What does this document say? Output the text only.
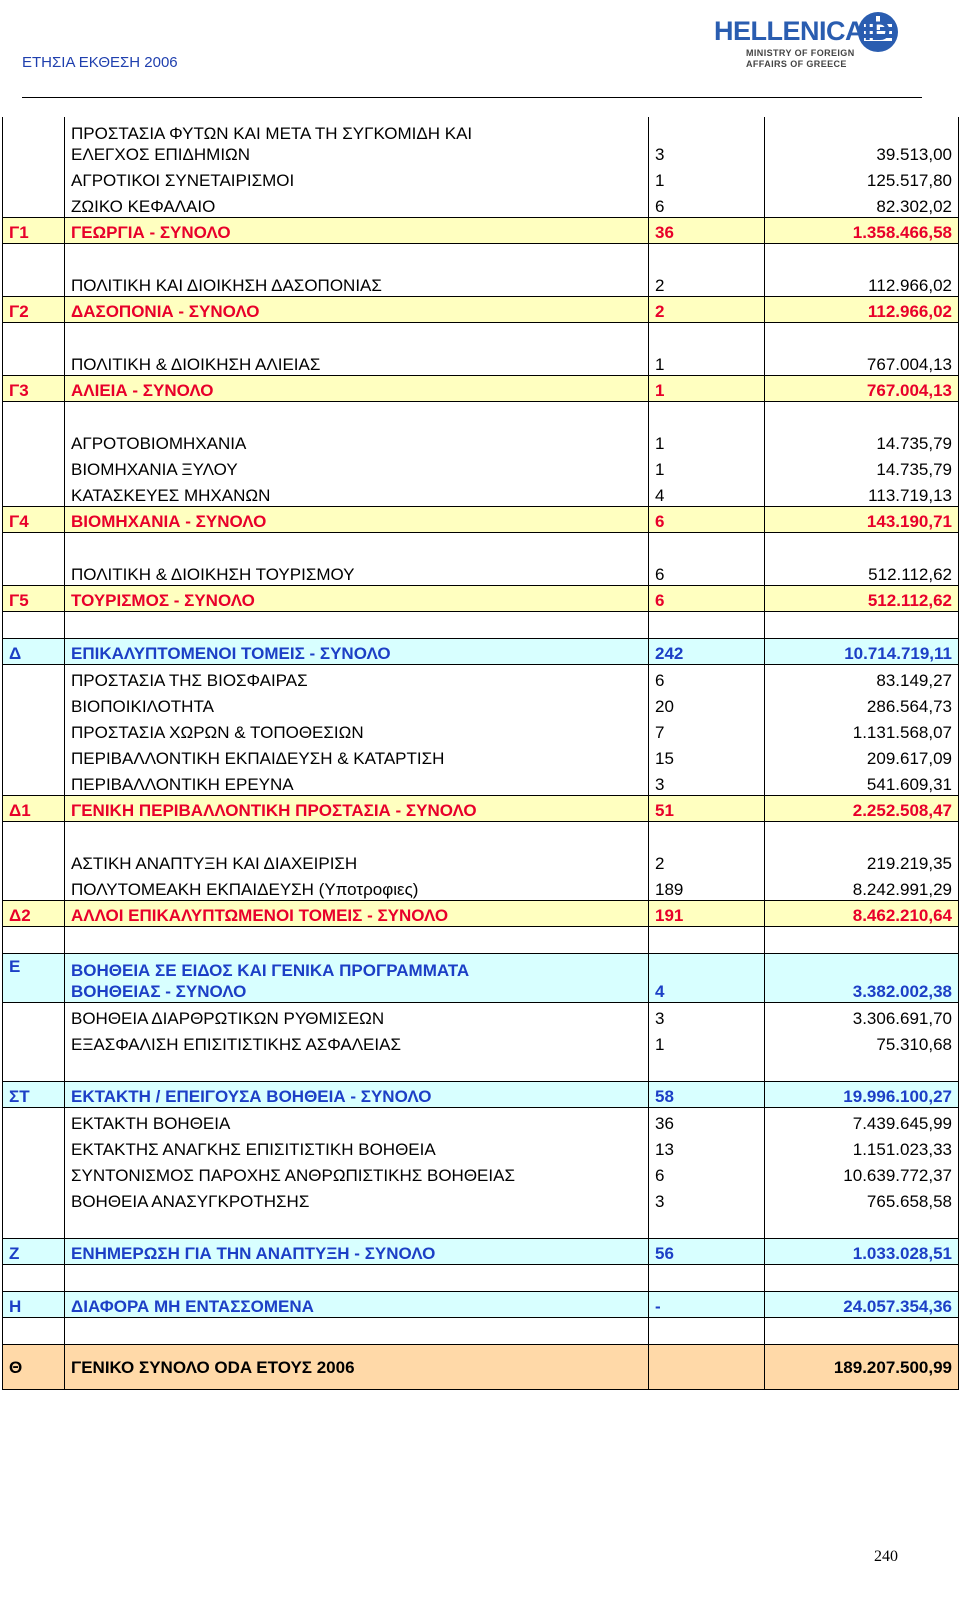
ΕΤΗΣΙΑ ΕΚΘΕΣΗ 2006
HELLENICAID
MINISTRY OF FOREIGN
AFFAIRS OF GREECE
	ΠΡΟΣΤΑΣΙΑ ΦΥΤΩΝ ΚΑΙ ΜΕΤΑ ΤΗ ΣΥΓΚΟΜΙΔΗ ΚΑΙ
ΕΛΕΓΧΟΣ ΕΠΙΔΗΜΙΩΝ	3	39.513,00
	ΑΓΡΟΤΙΚΟΙ ΣΥΝΕΤΑΙΡΙΣΜΟΙ	1	125.517,80
	ΖΩΙΚΟ ΚΕΦΑΛΑΙΟ	6	82.302,02
Γ1	ΓΕΩΡΓΙΑ - ΣΥΝΟΛΟ	36	1.358.466,58

	ΠΟΛΙΤΙΚΗ ΚΑΙ ΔΙΟΙΚΗΣΗ ΔΑΣΟΠΟΝΙΑΣ	2	112.966,02
Γ2	ΔΑΣΟΠΟΝΙΑ - ΣΥΝΟΛΟ	2	112.966,02

	ΠΟΛΙΤΙΚΗ & ΔΙΟΙΚΗΣΗ ΑΛΙΕΙΑΣ	1	767.004,13
Γ3	ΑΛΙΕΙΑ - ΣΥΝΟΛΟ	1	767.004,13

	ΑΓΡΟΤΟΒΙΟΜΗΧΑΝΙΑ	1	14.735,79
	ΒΙΟΜΗΧΑΝΙΑ ΞΥΛΟΥ	1	14.735,79
	ΚΑΤΑΣΚΕΥΕΣ ΜΗΧΑΝΩΝ	4	113.719,13
Γ4	ΒΙΟΜΗΧΑΝΙΑ - ΣΥΝΟΛΟ	6	143.190,71

	ΠΟΛΙΤΙΚΗ & ΔΙΟΙΚΗΣΗ ΤΟΥΡΙΣΜΟΥ	6	512.112,62
Γ5	ΤΟΥΡΙΣΜΟΣ - ΣΥΝΟΛΟ	6	512.112,62

Δ	ΕΠΙΚΑΛΥΠΤΟΜΕΝΟΙ ΤΟΜΕΙΣ - ΣΥΝΟΛΟ	242	10.714.719,11
	ΠΡΟΣΤΑΣΙΑ ΤΗΣ ΒΙΟΣΦΑΙΡΑΣ	6	83.149,27
	ΒΙΟΠΟΙΚΙΛΟΤΗΤΑ	20	286.564,73
	ΠΡΟΣΤΑΣΙΑ ΧΩΡΩΝ & ΤΟΠΟΘΕΣΙΩΝ	7	1.131.568,07
	ΠΕΡΙΒΑΛΛΟΝΤΙΚΗ ΕΚΠΑΙΔΕΥΣΗ & ΚΑΤΑΡΤΙΣΗ	15	209.617,09
	ΠΕΡΙΒΑΛΛΟΝΤΙΚΗ ΕΡΕΥΝΑ	3	541.609,31
Δ1	ΓΕΝΙΚΗ ΠΕΡΙΒΑΛΛΟΝΤΙΚΗ ΠΡΟΣΤΑΣΙΑ - ΣΥΝΟΛΟ	51	2.252.508,47

	ΑΣΤΙΚΗ ΑΝΑΠΤΥΞΗ ΚΑΙ ΔΙΑΧΕΙΡΙΣΗ	2	219.219,35
	ΠΟΛΥΤΟΜΕΑΚΗ ΕΚΠΑΙΔΕΥΣΗ (Υποτροφιες)	189	8.242.991,29
Δ2	ΑΛΛΟΙ ΕΠΙΚΑΛΥΠΤΩΜΕΝΟΙ ΤΟΜΕΙΣ - ΣΥΝΟΛΟ	191	8.462.210,64

Ε	ΒΟΗΘΕΙΑ ΣΕ ΕΙΔΟΣ ΚΑΙ ΓΕΝΙΚΑ ΠΡΟΓΡΑΜΜΑΤΑ
ΒΟΗΘΕΙΑΣ - ΣΥΝΟΛΟ	4	3.382.002,38
	ΒΟΗΘΕΙΑ ΔΙΑΡΘΡΩΤΙΚΩΝ ΡΥΘΜΙΣΕΩΝ	3	3.306.691,70
	ΕΞΑΣΦΑΛΙΣΗ ΕΠΙΣΙΤΙΣΤΙΚΗΣ ΑΣΦΑΛΕΙΑΣ	1	75.310,68

ΣΤ	ΕΚΤΑΚΤΗ / ΕΠΕΙΓΟΥΣΑ ΒΟΗΘΕΙΑ - ΣΥΝΟΛΟ	58	19.996.100,27
	ΕΚΤΑΚΤΗ ΒΟΗΘΕΙΑ	36	7.439.645,99
	ΕΚΤΑΚΤΗΣ ΑΝΑΓΚΗΣ ΕΠΙΣΙΤΙΣΤΙΚΗ ΒΟΗΘΕΙΑ	13	1.151.023,33
	ΣΥΝΤΟΝΙΣΜΟΣ ΠΑΡΟΧΗΣ ΑΝΘΡΩΠΙΣΤΙΚΗΣ ΒΟΗΘΕΙΑΣ	6	10.639.772,37
	ΒΟΗΘΕΙΑ ΑΝΑΣΥΓΚΡΟΤΗΣΗΣ	3	765.658,58

Ζ	ΕΝΗΜΕΡΩΣΗ ΓΙΑ ΤΗΝ ΑΝΑΠΤΥΞΗ - ΣΥΝΟΛΟ	56	1.033.028,51

Η	ΔΙΑΦΟΡΑ ΜΗ ΕΝΤΑΣΣΟΜΕΝΑ	-	24.057.354,36

Θ	ΓΕΝΙΚΟ ΣΥΝΟΛΟ ODA ΕΤΟΥΣ 2006		189.207.500,99
240
